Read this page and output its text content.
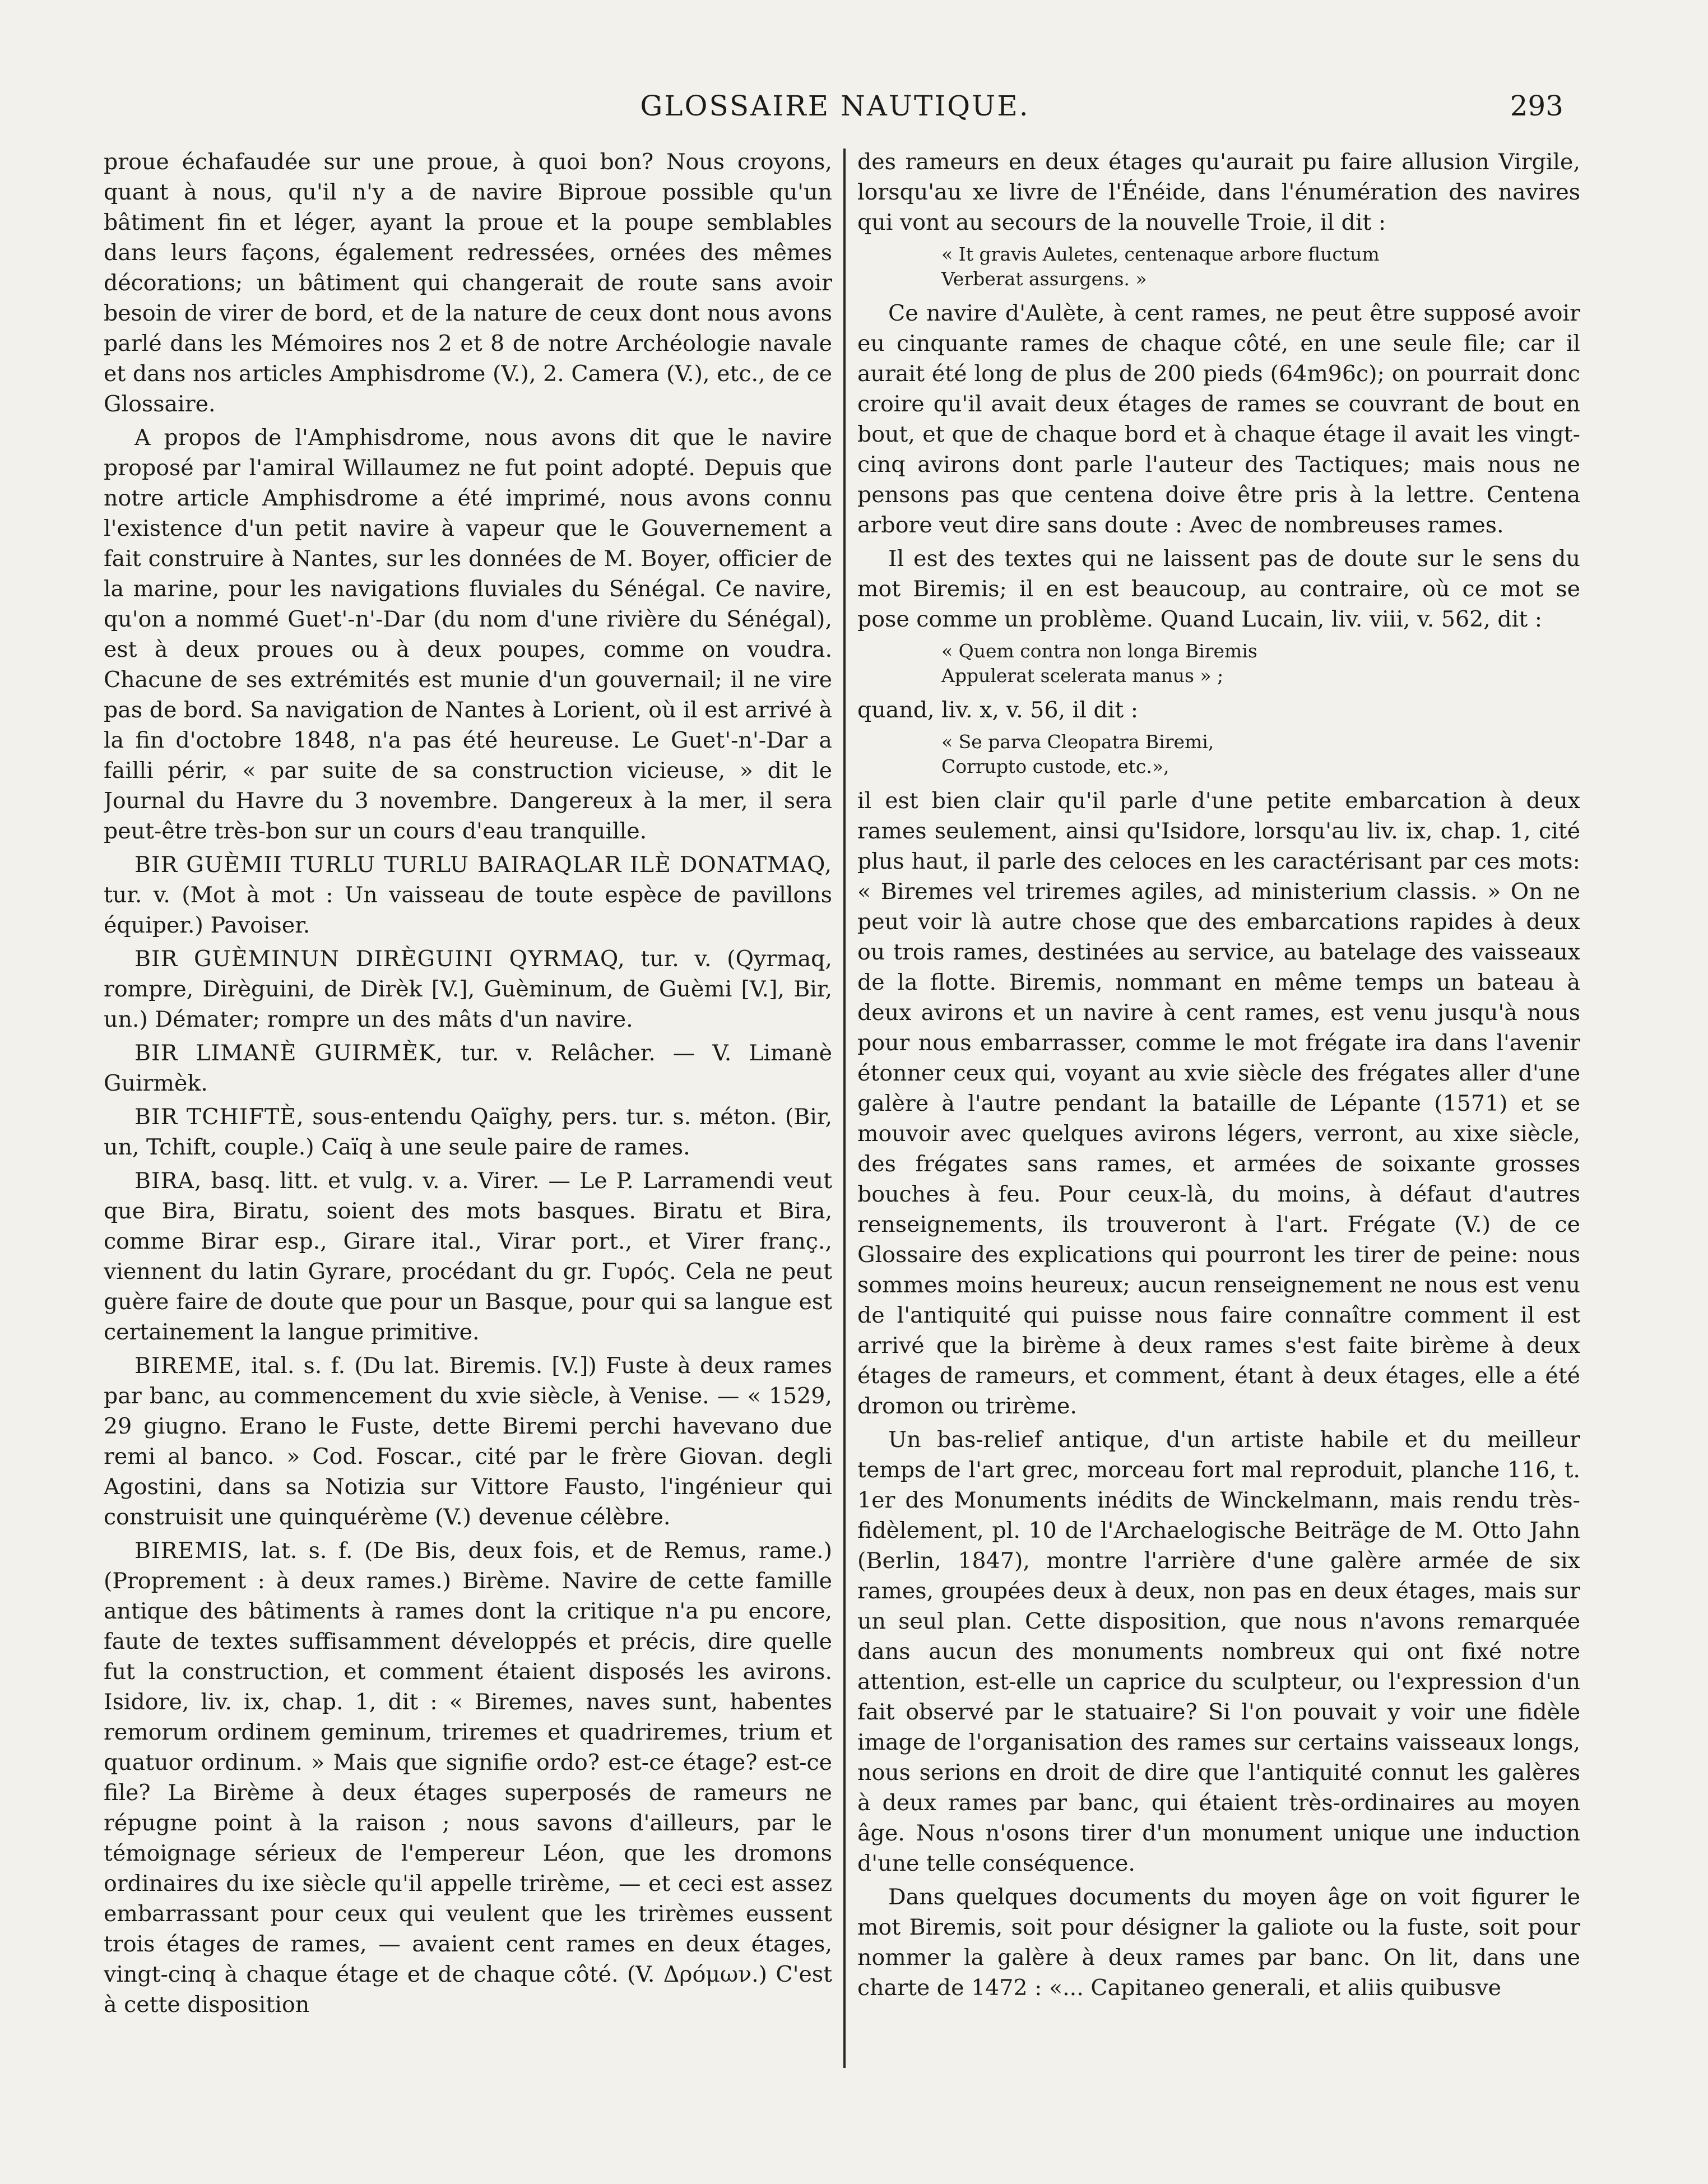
GLOSSAIRE NAUTIQUE.	293

proue échafaudée sur une proue, à quoi bon? Nous croyons, quant à nous, qu'il n'y a de navire Biproue possible qu'un bâtiment fin et léger, ayant la proue et la poupe semblables dans leurs façons, également redressées, ornées des mêmes décorations; un bâtiment qui changerait de route sans avoir besoin de virer de bord, et de la nature de ceux dont nous avons parlé dans les Mémoires nos 2 et 8 de notre Archéologie navale et dans nos articles Amphisdrome (V.), 2. Camera (V.), etc., de ce Glossaire.

A propos de l'Amphisdrome, nous avons dit que le navire proposé par l'amiral Willaumez ne fut point adopté. Depuis que notre article Amphisdrome a été imprimé, nous avons connu l'existence d'un petit navire à vapeur que le Gouvernement a fait construire à Nantes, sur les données de M. Boyer, officier de la marine, pour les navigations fluviales du Sénégal. Ce navire, qu'on a nommé Guet'-n'-Dar (du nom d'une rivière du Sénégal), est à deux proues ou à deux poupes, comme on voudra. Chacune de ses extrémités est munie d'un gouvernail; il ne vire pas de bord. Sa navigation de Nantes à Lorient, où il est arrivé à la fin d'octobre 1848, n'a pas été heureuse. Le Guet'-n'-Dar a failli périr, « par suite de sa construction vicieuse, » dit le Journal du Havre du 3 novembre. Dangereux à la mer, il sera peut-être très-bon sur un cours d'eau tranquille.

BIR GUÈMII TURLU TURLU BAIRAQLAR ILÈ DONATMAQ, tur. v. (Mot à mot : Un vaisseau de toute espèce de pavillons équiper.) Pavoiser.

BIR GUÈMINUN DIRÈGUINI QYRMAQ, tur. v. (Qyrmaq, rompre, Dirèguini, de Dirèk [V.], Guèminum, de Guèmi [V.], Bir, un.) Démater; rompre un des mâts d'un navire.

BIR LIMANÈ GUIRMÈK, tur. v. Relâcher. — V. Limanè Guirmèk.

BIR TCHIFTÈ, sous-entendu Qaïghy, pers. tur. s. méton. (Bir, un, Tchift, couple.) Caïq à une seule paire de rames.

BIRA, basq. litt. et vulg. v. a. Virer. — Le P. Larramendi veut que Bira, Biratu, soient des mots basques. Biratu et Bira, comme Birar esp., Girare ital., Virar port., et Virer franç., viennent du latin Gyrare, procédant du gr. Γυρός. Cela ne peut guère faire de doute que pour un Basque, pour qui sa langue est certainement la langue primitive.

BIREME, ital. s. f. (Du lat. Biremis. [V.]) Fuste à deux rames par banc, au commencement du xvie siècle, à Venise. — « 1529, 29 giugno. Erano le Fuste, dette Biremi perchi havevano due remi al banco. » Cod. Foscar., cité par le frère Giovan. degli Agostini, dans sa Notizia sur Vittore Fausto, l'ingénieur qui construisit une quinquérème (V.) devenue célèbre.

BIREMIS, lat. s. f. (De Bis, deux fois, et de Remus, rame.) (Proprement : à deux rames.) Birème. Navire de cette famille antique des bâtiments à rames dont la critique n'a pu encore, faute de textes suffisamment développés et précis, dire quelle fut la construction, et comment étaient disposés les avirons. Isidore, liv. ix, chap. 1, dit : « Biremes, naves sunt, habentes remorum ordinem geminum, triremes et quadriremes, trium et quatuor ordinum. » Mais que signifie ordo? est-ce étage? est-ce file? La Birème à deux étages superposés de rameurs ne répugne point à la raison ; nous savons d'ailleurs, par le témoignage sérieux de l'empereur Léon, que les dromons ordinaires du ixe siècle qu'il appelle trirème, — et ceci est assez embarrassant pour ceux qui veulent que les trirèmes eussent trois étages de rames, — avaient cent rames en deux étages, vingt-cinq à chaque étage et de chaque côté. (V. Δρόμων.) C'est à cette disposition

des rameurs en deux étages qu'aurait pu faire allusion Virgile, lorsqu'au xe livre de l'Énéide, dans l'énumération des navires qui vont au secours de la nouvelle Troie, il dit :

« It gravis Auletes, centenaque arbore fluctum
Verberat assurgens. »

Ce navire d'Aulète, à cent rames, ne peut être supposé avoir eu cinquante rames de chaque côté, en une seule file; car il aurait été long de plus de 200 pieds (64m96c); on pourrait donc croire qu'il avait deux étages de rames se couvrant de bout en bout, et que de chaque bord et à chaque étage il avait les vingt-cinq avirons dont parle l'auteur des Tactiques; mais nous ne pensons pas que centena doive être pris à la lettre. Centena arbore veut dire sans doute : Avec de nombreuses rames.

Il est des textes qui ne laissent pas de doute sur le sens du mot Biremis; il en est beaucoup, au contraire, où ce mot se pose comme un problème. Quand Lucain, liv. viii, v. 562, dit :

« Quem contra non longa Biremis
Appulerat scelerata manus » ;

quand, liv. x, v. 56, il dit :

« Se parva Cleopatra Biremi,
Corrupto custode, etc.»,

il est bien clair qu'il parle d'une petite embarcation à deux rames seulement, ainsi qu'Isidore, lorsqu'au liv. ix, chap. 1, cité plus haut, il parle des celoces en les caractérisant par ces mots: « Biremes vel triremes agiles, ad ministerium classis. » On ne peut voir là autre chose que des embarcations rapides à deux ou trois rames, destinées au service, au batelage des vaisseaux de la flotte. Biremis, nommant en même temps un bateau à deux avirons et un navire à cent rames, est venu jusqu'à nous pour nous embarrasser, comme le mot frégate ira dans l'avenir étonner ceux qui, voyant au xvie siècle des frégates aller d'une galère à l'autre pendant la bataille de Lépante (1571) et se mouvoir avec quelques avirons légers, verront, au xixe siècle, des frégates sans rames, et armées de soixante grosses bouches à feu. Pour ceux-là, du moins, à défaut d'autres renseignements, ils trouveront à l'art. Frégate (V.) de ce Glossaire des explications qui pourront les tirer de peine: nous sommes moins heureux; aucun renseignement ne nous est venu de l'antiquité qui puisse nous faire connaître comment il est arrivé que la birème à deux rames s'est faite birème à deux étages de rameurs, et comment, étant à deux étages, elle a été dromon ou trirème.

Un bas-relief antique, d'un artiste habile et du meilleur temps de l'art grec, morceau fort mal reproduit, planche 116, t. 1er des Monuments inédits de Winckelmann, mais rendu très-fidèlement, pl. 10 de l'Archaelogische Beiträge de M. Otto Jahn (Berlin, 1847), montre l'arrière d'une galère armée de six rames, groupées deux à deux, non pas en deux étages, mais sur un seul plan. Cette disposition, que nous n'avons remarquée dans aucun des monuments nombreux qui ont fixé notre attention, est-elle un caprice du sculpteur, ou l'expression d'un fait observé par le statuaire? Si l'on pouvait y voir une fidèle image de l'organisation des rames sur certains vaisseaux longs, nous serions en droit de dire que l'antiquité connut les galères à deux rames par banc, qui étaient très-ordinaires au moyen âge. Nous n'osons tirer d'un monument unique une induction d'une telle conséquence.

Dans quelques documents du moyen âge on voit figurer le mot Biremis, soit pour désigner la galiote ou la fuste, soit pour nommer la galère à deux rames par banc. On lit, dans une charte de 1472 : «... Capitaneo generali, et aliis quibusve
